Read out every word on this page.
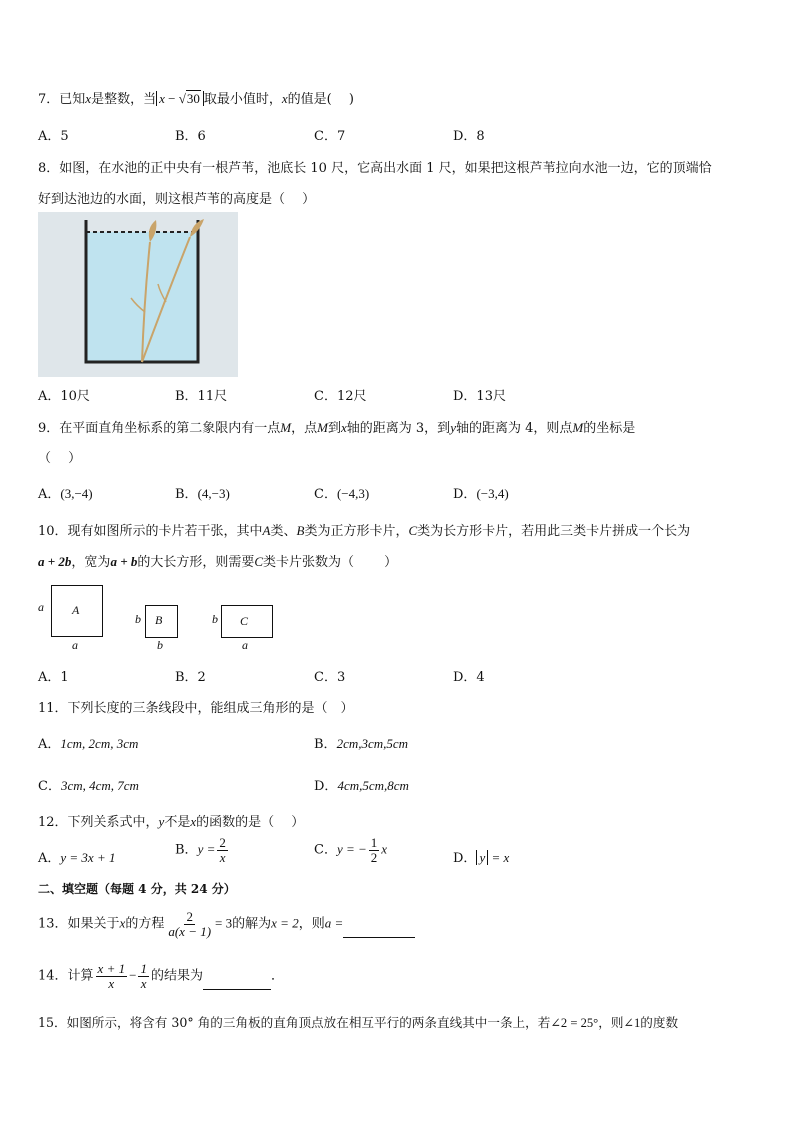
7．已知x是整数，当 x − √30 取最小值时，x的值是(　 )
A．5	B．6	C．7	D．8
8．如图，在水池的正中央有一根芦苇，池底长 10 尺，它高出水面 1 尺，如果把这根芦苇拉向水池一边，它的顶端恰
好到达池边的水面，则这根芦苇的高度是（　 ）
A．10尺	B．11尺	C．12尺	D．13尺
9．在平面直角坐标系的第二象限内有一点M，点M到x轴的距离为 3，到y轴的距离为 4，则点M的坐标是
（　 ）
A．(3,−4)	B．(4,−3)	C．(−4,3)	D．(−3,4)
10．现有如图所示的卡片若干张，其中A类、B类为正方形卡片，C类为长方形卡片，若用此三类卡片拼成一个长为
a + 2b，宽为a + b的大长方形，则需要C类卡片张数为（　 　）
a A
a
b B
b
b C
a
A．1	B．2	C．3	D．4
11．下列长度的三条线段中，能组成三角形的是（　）
A．1cm, 2cm, 3cm	B．2cm,3cm,5cm
C．3cm, 4cm, 7cm	D．4cm,5cm,8cm
12．下列关系式中，y不是x的函数的是（　 ）
A．y = 3x + 1	B．$y = \frac{2}{x}$	C．y = − $\frac{1}{2}$ x
D． y = x
二、填空题（每题 4 分，共 24 分）
13．如果关于x的方程 $\frac{2}{a(x - 1)} = 3$的解为x = 2，则a =
14．计算 $\frac{x + 1}{x} - \frac{1}{x}$ 的结果为	．
15．如图所示，将含有 30° 角的三角板的直角顶点放在相互平行的两条直线其中一条上，若∠2 = 25°，则∠1的度数
